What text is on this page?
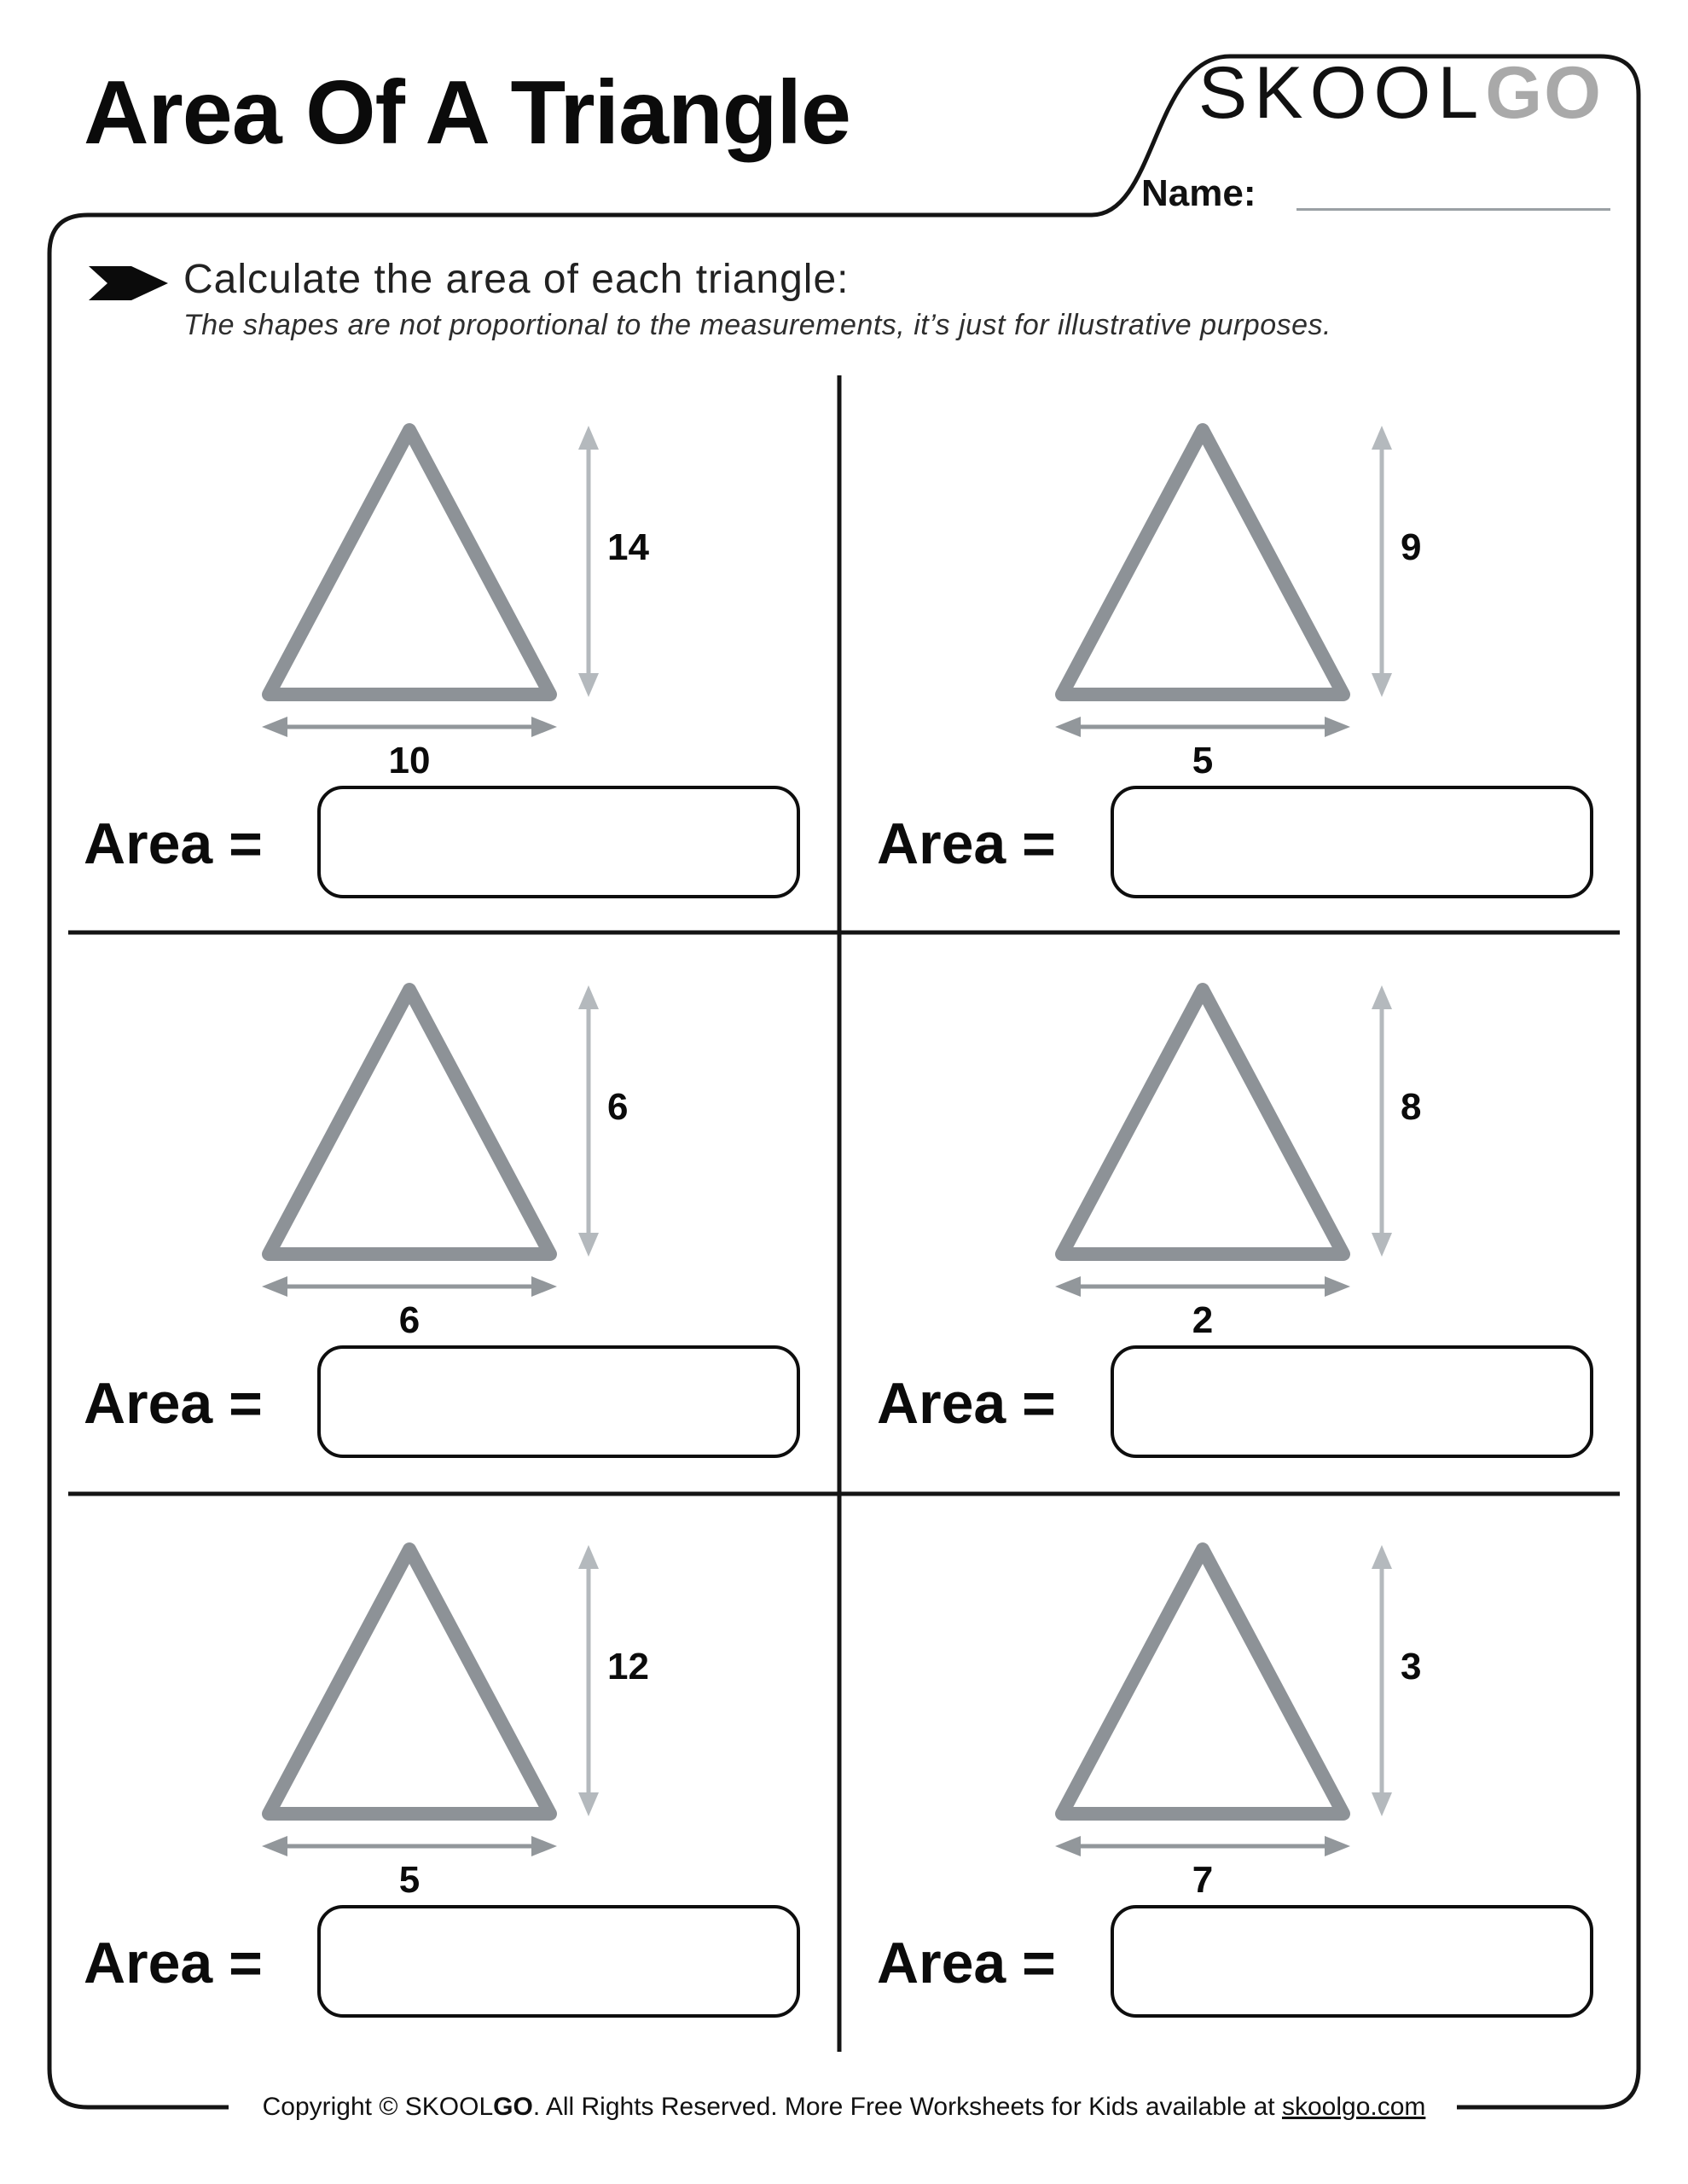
Area Of A Triangle	SKOOLGO
Name:
Calculate the area of each triangle:
The shapes are not proportional to the measurements, it’s just for illustrative purposes.
14
10
Area =
9
5
Area =
6
6
Area =
8
2
Area =
12
5
Area =
3
7
Area =
Copyright © SKOOL GO . All Rights Reserved. More Free Worksheets for Kids available at skoolgo.com
